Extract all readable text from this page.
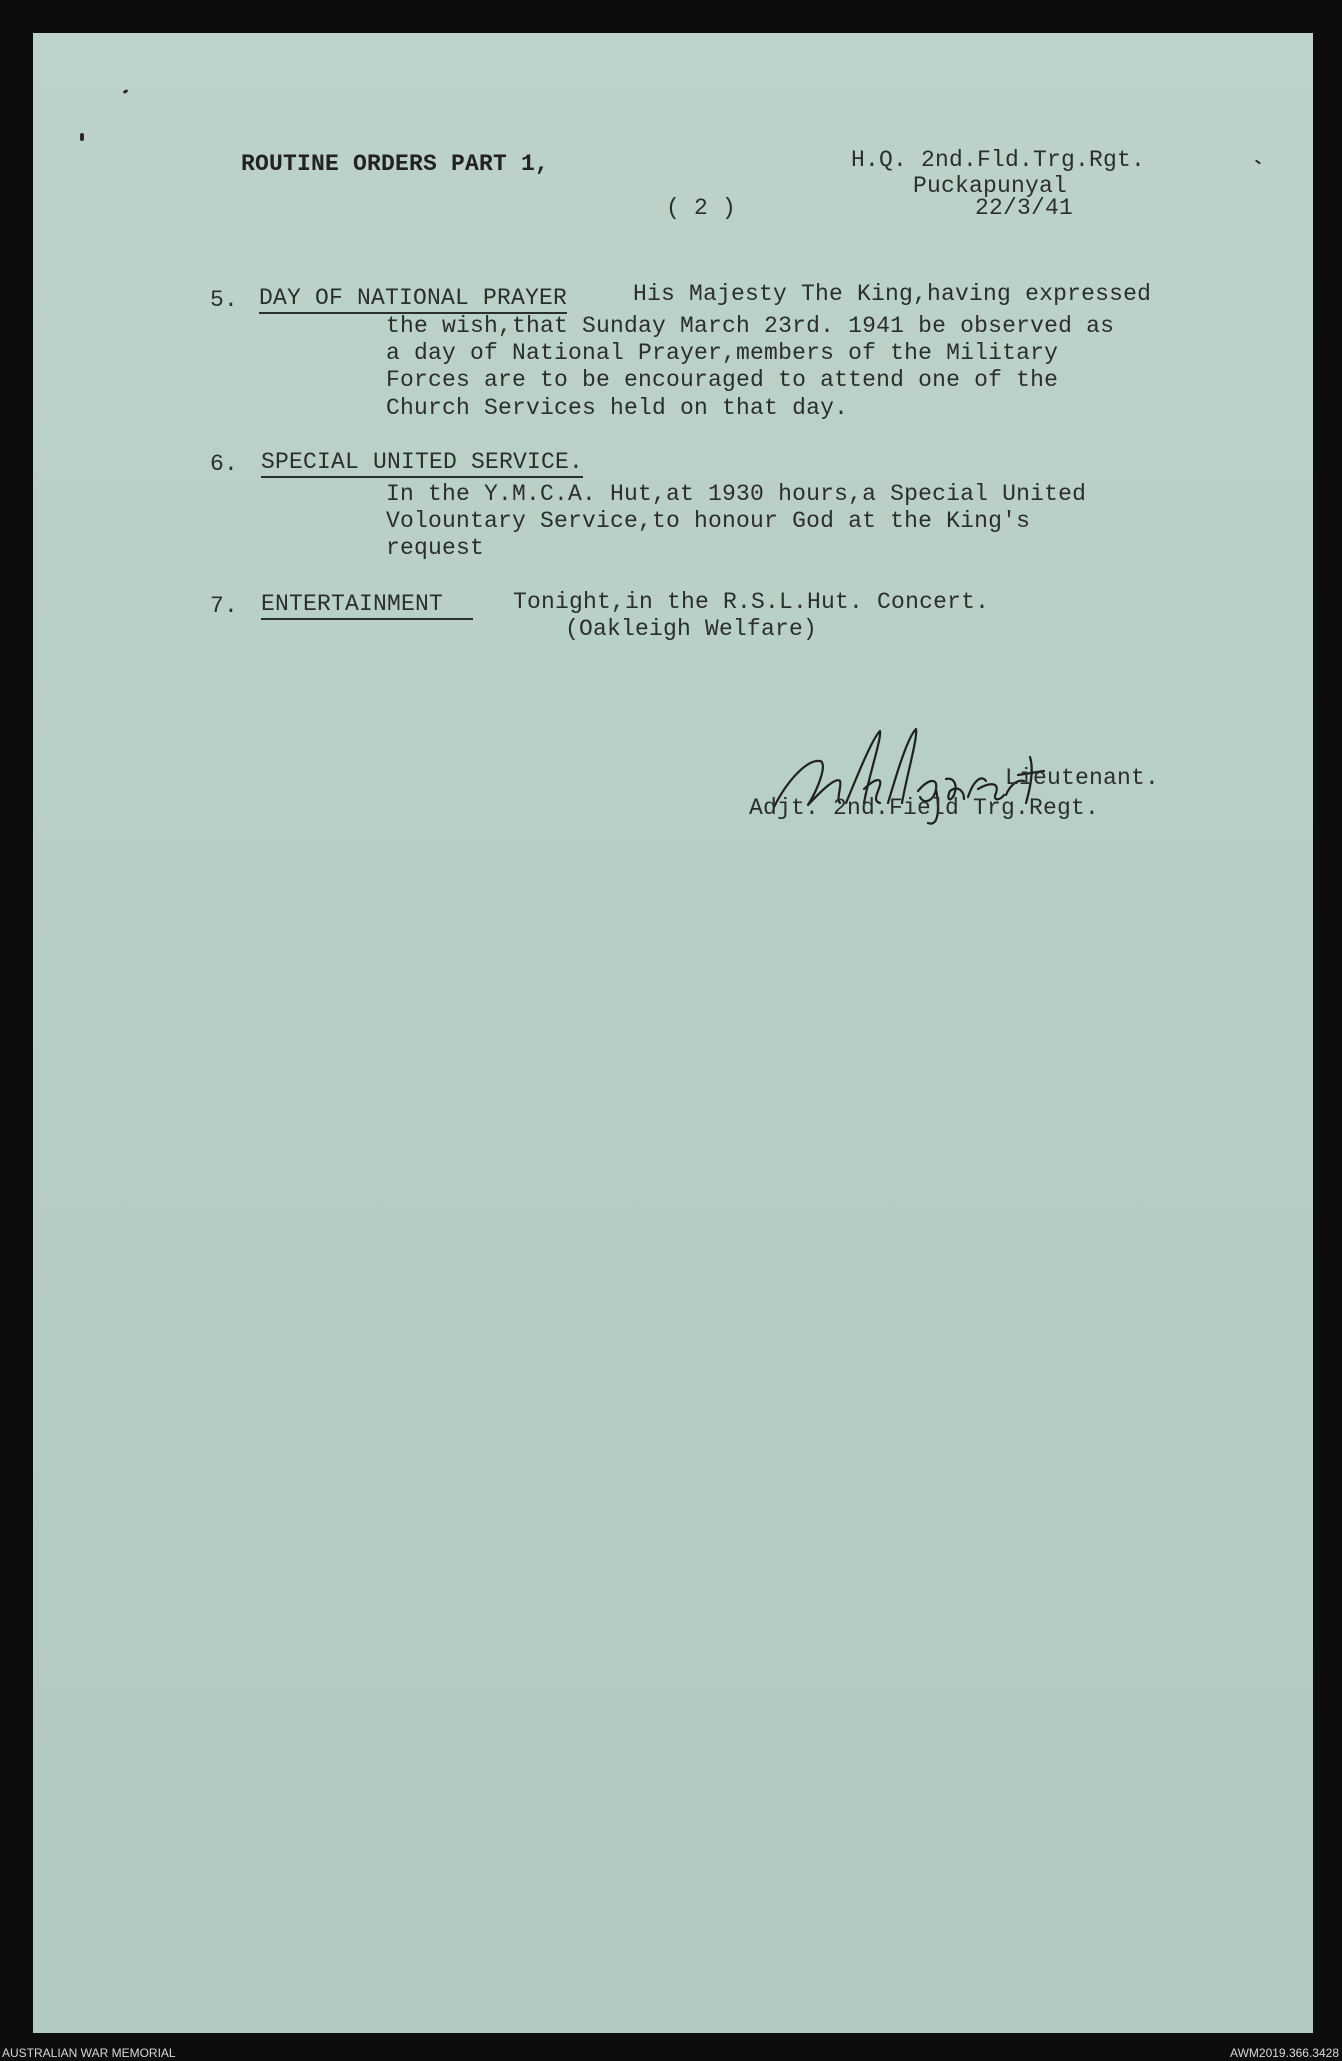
ROUTINE ORDERS PART 1,	H.Q. 2nd.Fld.Trg.Rgt.
Puckapunyal
22/3/41
( 2 )
5. DAY OF NATIONAL PRAYER	His Majesty The King,having expressed
the wish,that Sunday March 23rd. 1941 be observed as
a day of National Prayer,members of the Military
Forces are to be encouraged to attend one of the
Church Services held on that day.
6. SPECIAL UNITED SERVICE.
In the Y.M.C.A. Hut,at 1930 hours,a Special United
Volountary Service,to honour God at the King's
request
7. ENTERTAINMENT	Tonight,in the R.S.L.Hut. Concert.
(Oakleigh Welfare)
Lieutenant.
Adjt. 2nd.Field Trg.Regt.
AUSTRALIAN WAR MEMORIAL	AWM2019.366.3428
